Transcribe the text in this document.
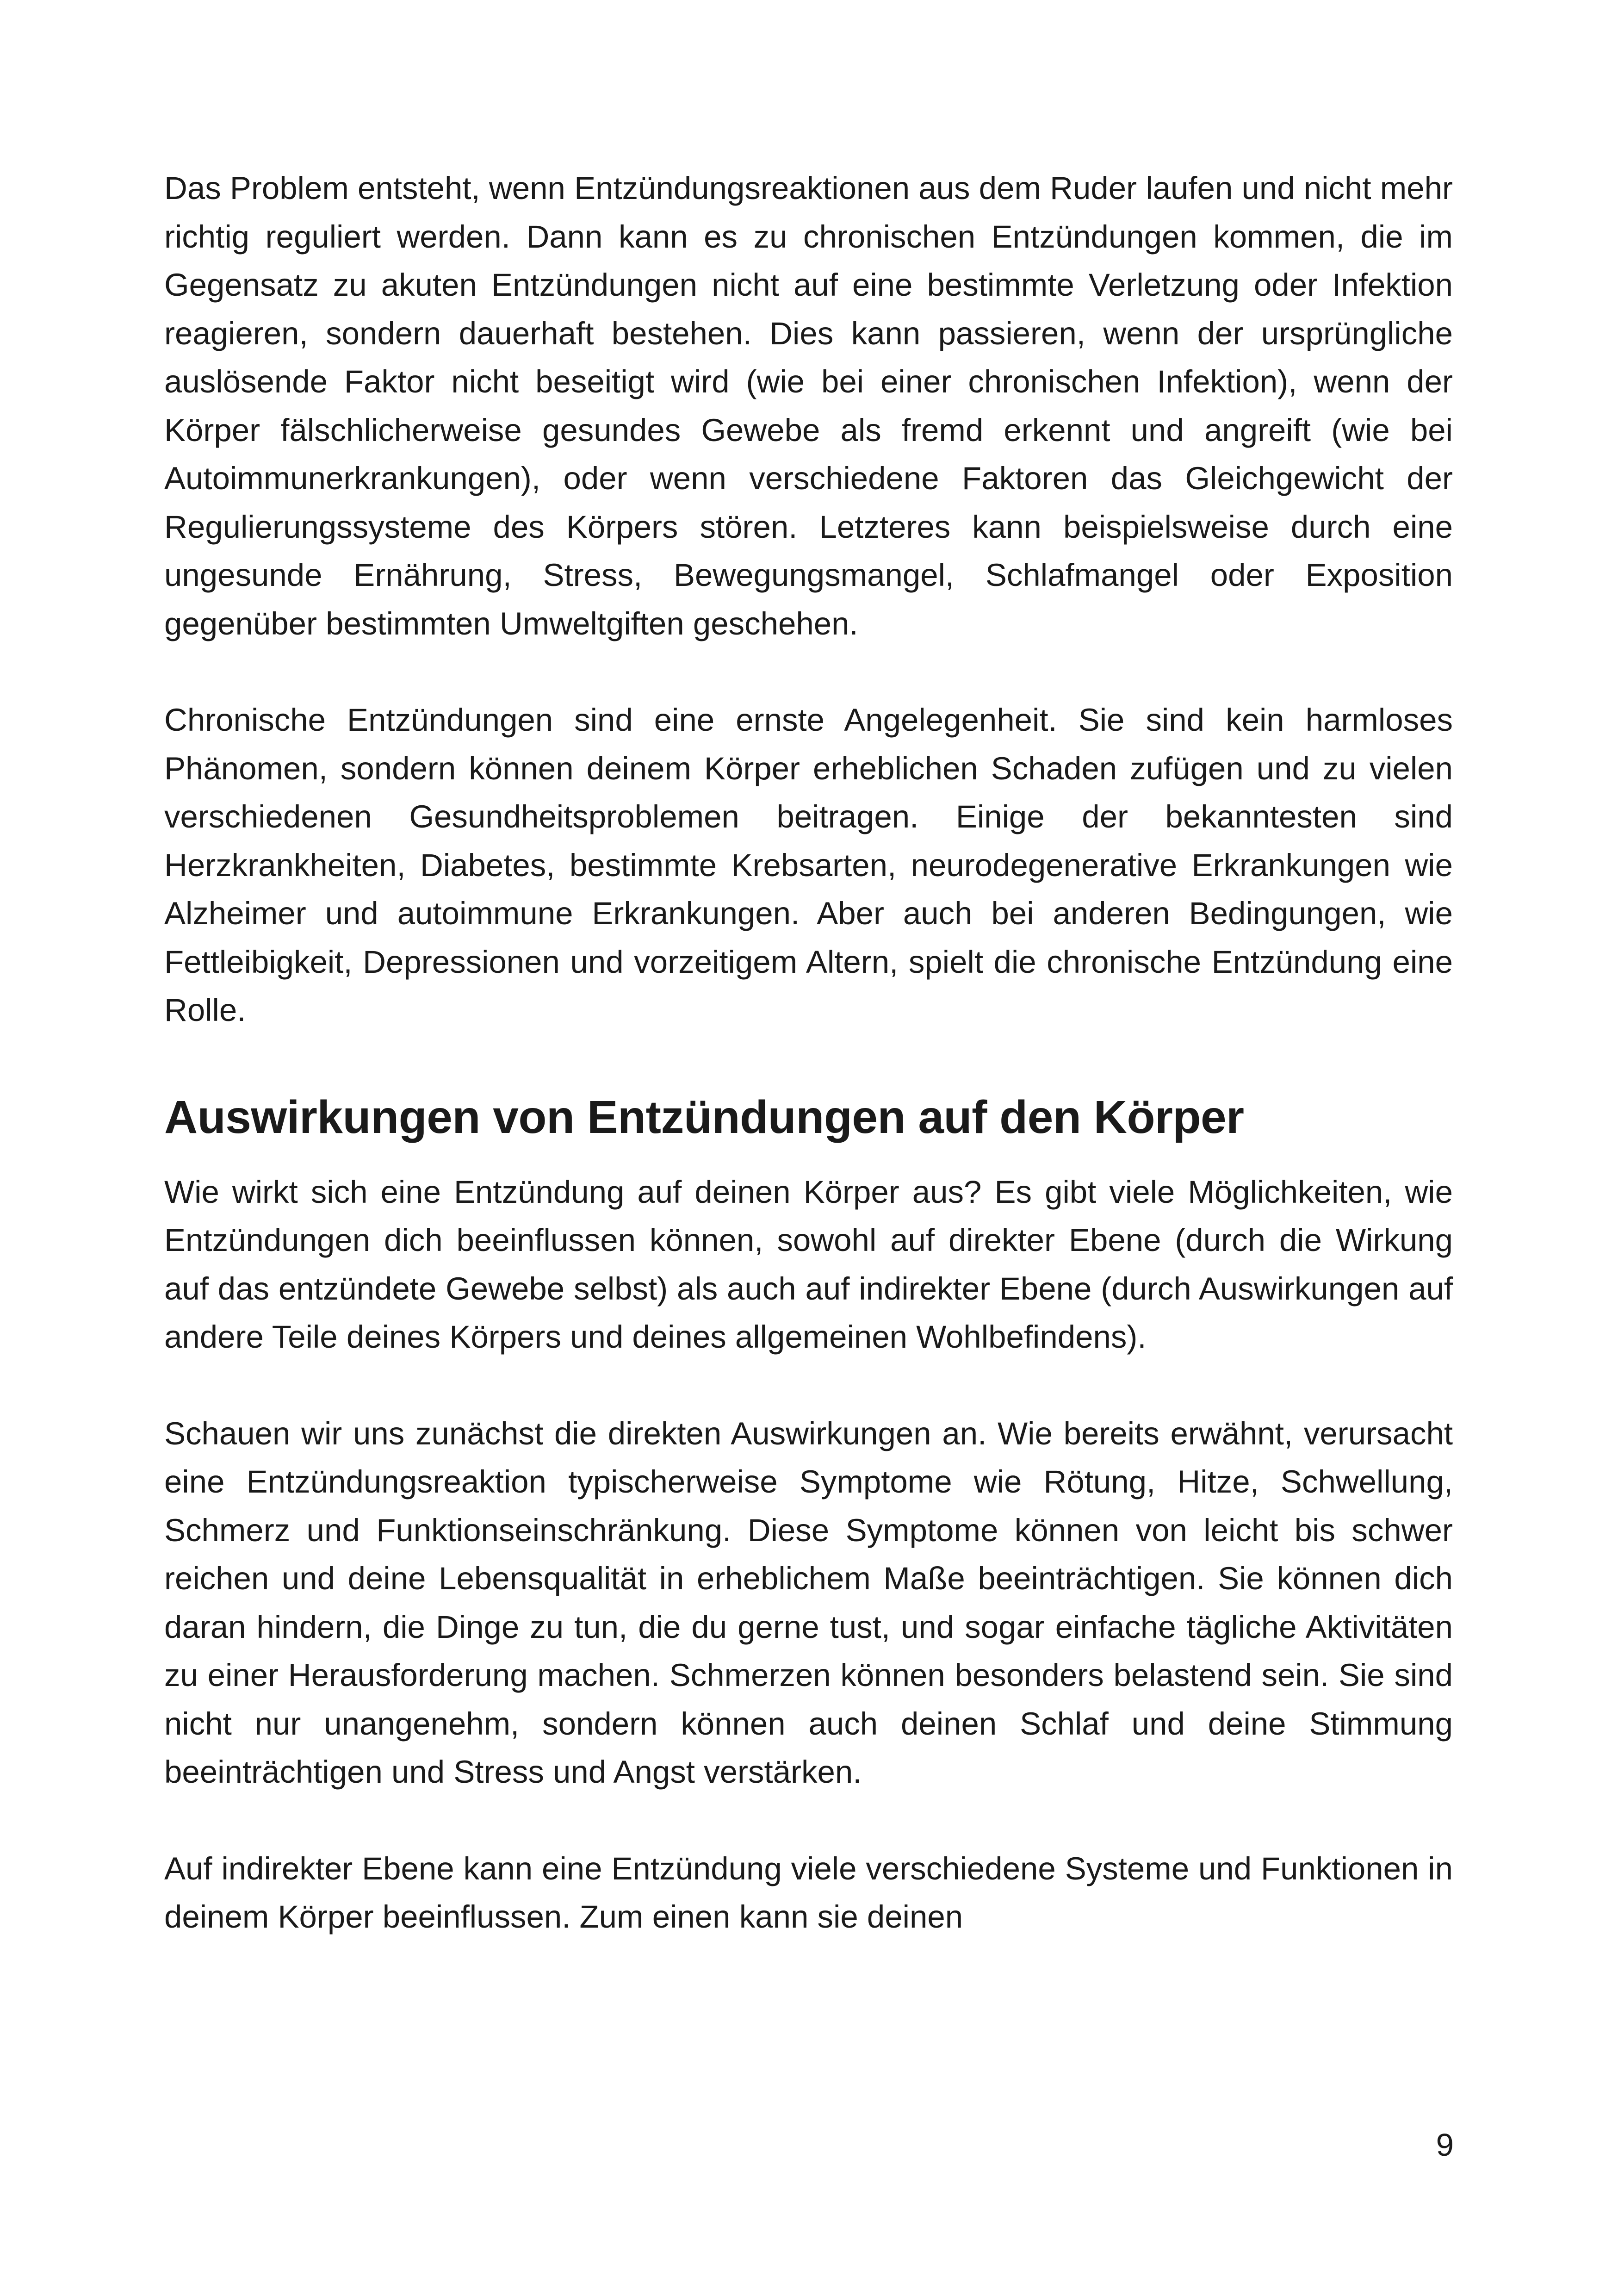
Das Problem entsteht, wenn Entzündungsreaktionen aus dem Ruder laufen und nicht mehr richtig reguliert werden. Dann kann es zu chronischen Entzündungen kommen, die im Gegensatz zu akuten Entzündungen nicht auf eine bestimmte Verletzung oder Infektion reagieren, sondern dauerhaft bestehen. Dies kann passieren, wenn der ursprüngliche auslösende Faktor nicht beseitigt wird (wie bei einer chronischen Infektion), wenn der Körper fälschlicherweise gesundes Gewebe als fremd erkennt und angreift (wie bei Autoimmunerkrankungen), oder wenn verschiedene Faktoren das Gleichgewicht der Regulierungssysteme des Körpers stören. Letzteres kann beispielsweise durch eine ungesunde Ernährung, Stress, Bewegungsmangel, Schlafmangel oder Exposition gegenüber bestimmten Umweltgiften geschehen.

Chronische Entzündungen sind eine ernste Angelegenheit. Sie sind kein harmloses Phänomen, sondern können deinem Körper erheblichen Schaden zufügen und zu vielen verschiedenen Gesundheitsproblemen beitragen. Einige der bekanntesten sind Herzkrankheiten, Diabetes, bestimmte Krebsarten, neurodegenerative Erkrankungen wie Alzheimer und autoimmune Erkrankungen. Aber auch bei anderen Bedingungen, wie Fettleibigkeit, Depressionen und vorzeitigem Altern, spielt die chronische Entzündung eine Rolle.

Auswirkungen von Entzündungen auf den Körper

Wie wirkt sich eine Entzündung auf deinen Körper aus? Es gibt viele Möglichkeiten, wie Entzündungen dich beeinflussen können, sowohl auf direkter Ebene (durch die Wirkung auf das entzündete Gewebe selbst) als auch auf indirekter Ebene (durch Auswirkungen auf andere Teile deines Körpers und deines allgemeinen Wohlbefindens).

Schauen wir uns zunächst die direkten Auswirkungen an. Wie bereits erwähnt, verursacht eine Entzündungsreaktion typischerweise Symptome wie Rötung, Hitze, Schwellung, Schmerz und Funktionseinschränkung. Diese Symptome können von leicht bis schwer reichen und deine Lebensqualität in erheblichem Maße beeinträchtigen. Sie können dich daran hindern, die Dinge zu tun, die du gerne tust, und sogar einfache tägliche Aktivitäten zu einer Herausforderung machen. Schmerzen können besonders belastend sein. Sie sind nicht nur unangenehm, sondern können auch deinen Schlaf und deine Stimmung beeinträchtigen und Stress und Angst verstärken.

Auf indirekter Ebene kann eine Entzündung viele verschiedene Systeme und Funktionen in deinem Körper beeinflussen. Zum einen kann sie deinen

9
